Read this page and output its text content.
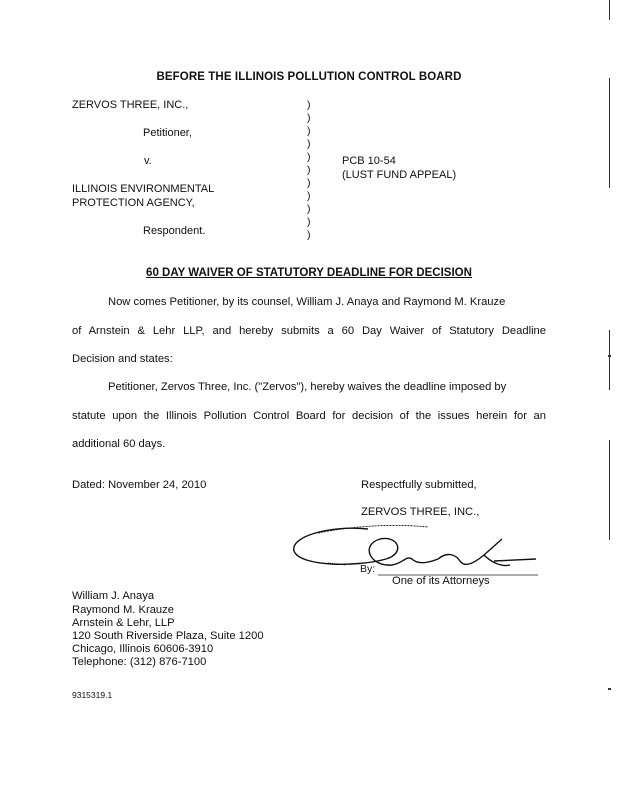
BEFORE THE ILLINOIS POLLUTION CONTROL BOARD
ZERVOS THREE, INC.,
Petitioner,
v.
ILLINOIS ENVIRONMENTAL
PROTECTION AGENCY,
Respondent.
)
)
)
)
)
)
)
)
)
)
)
PCB 10-54
(LUST FUND APPEAL)
60 DAY WAIVER OF STATUTORY DEADLINE FOR DECISION
Now comes Petitioner, by its counsel, William J. Anaya and Raymond M. Krauze
of Arnstein & Lehr LLP, and hereby submits a 60 Day Waiver of Statutory Deadline
Decision and states:
Petitioner, Zervos Three, Inc. ("Zervos"), hereby waives the deadline imposed by
statute upon the Illinois Pollution Control Board for decision of the issues herein for an
additional 60 days.
Dated: November 24, 2010	Respectfully submitted,
ZERVOS THREE, INC.,
By:
One of its Attorneys
William J. Anaya
Raymond M. Krauze
Arnstein & Lehr, LLP
120 South Riverside Plaza, Suite 1200
Chicago, Illinois 60606-3910
Telephone: (312) 876-7100
9315319.1
